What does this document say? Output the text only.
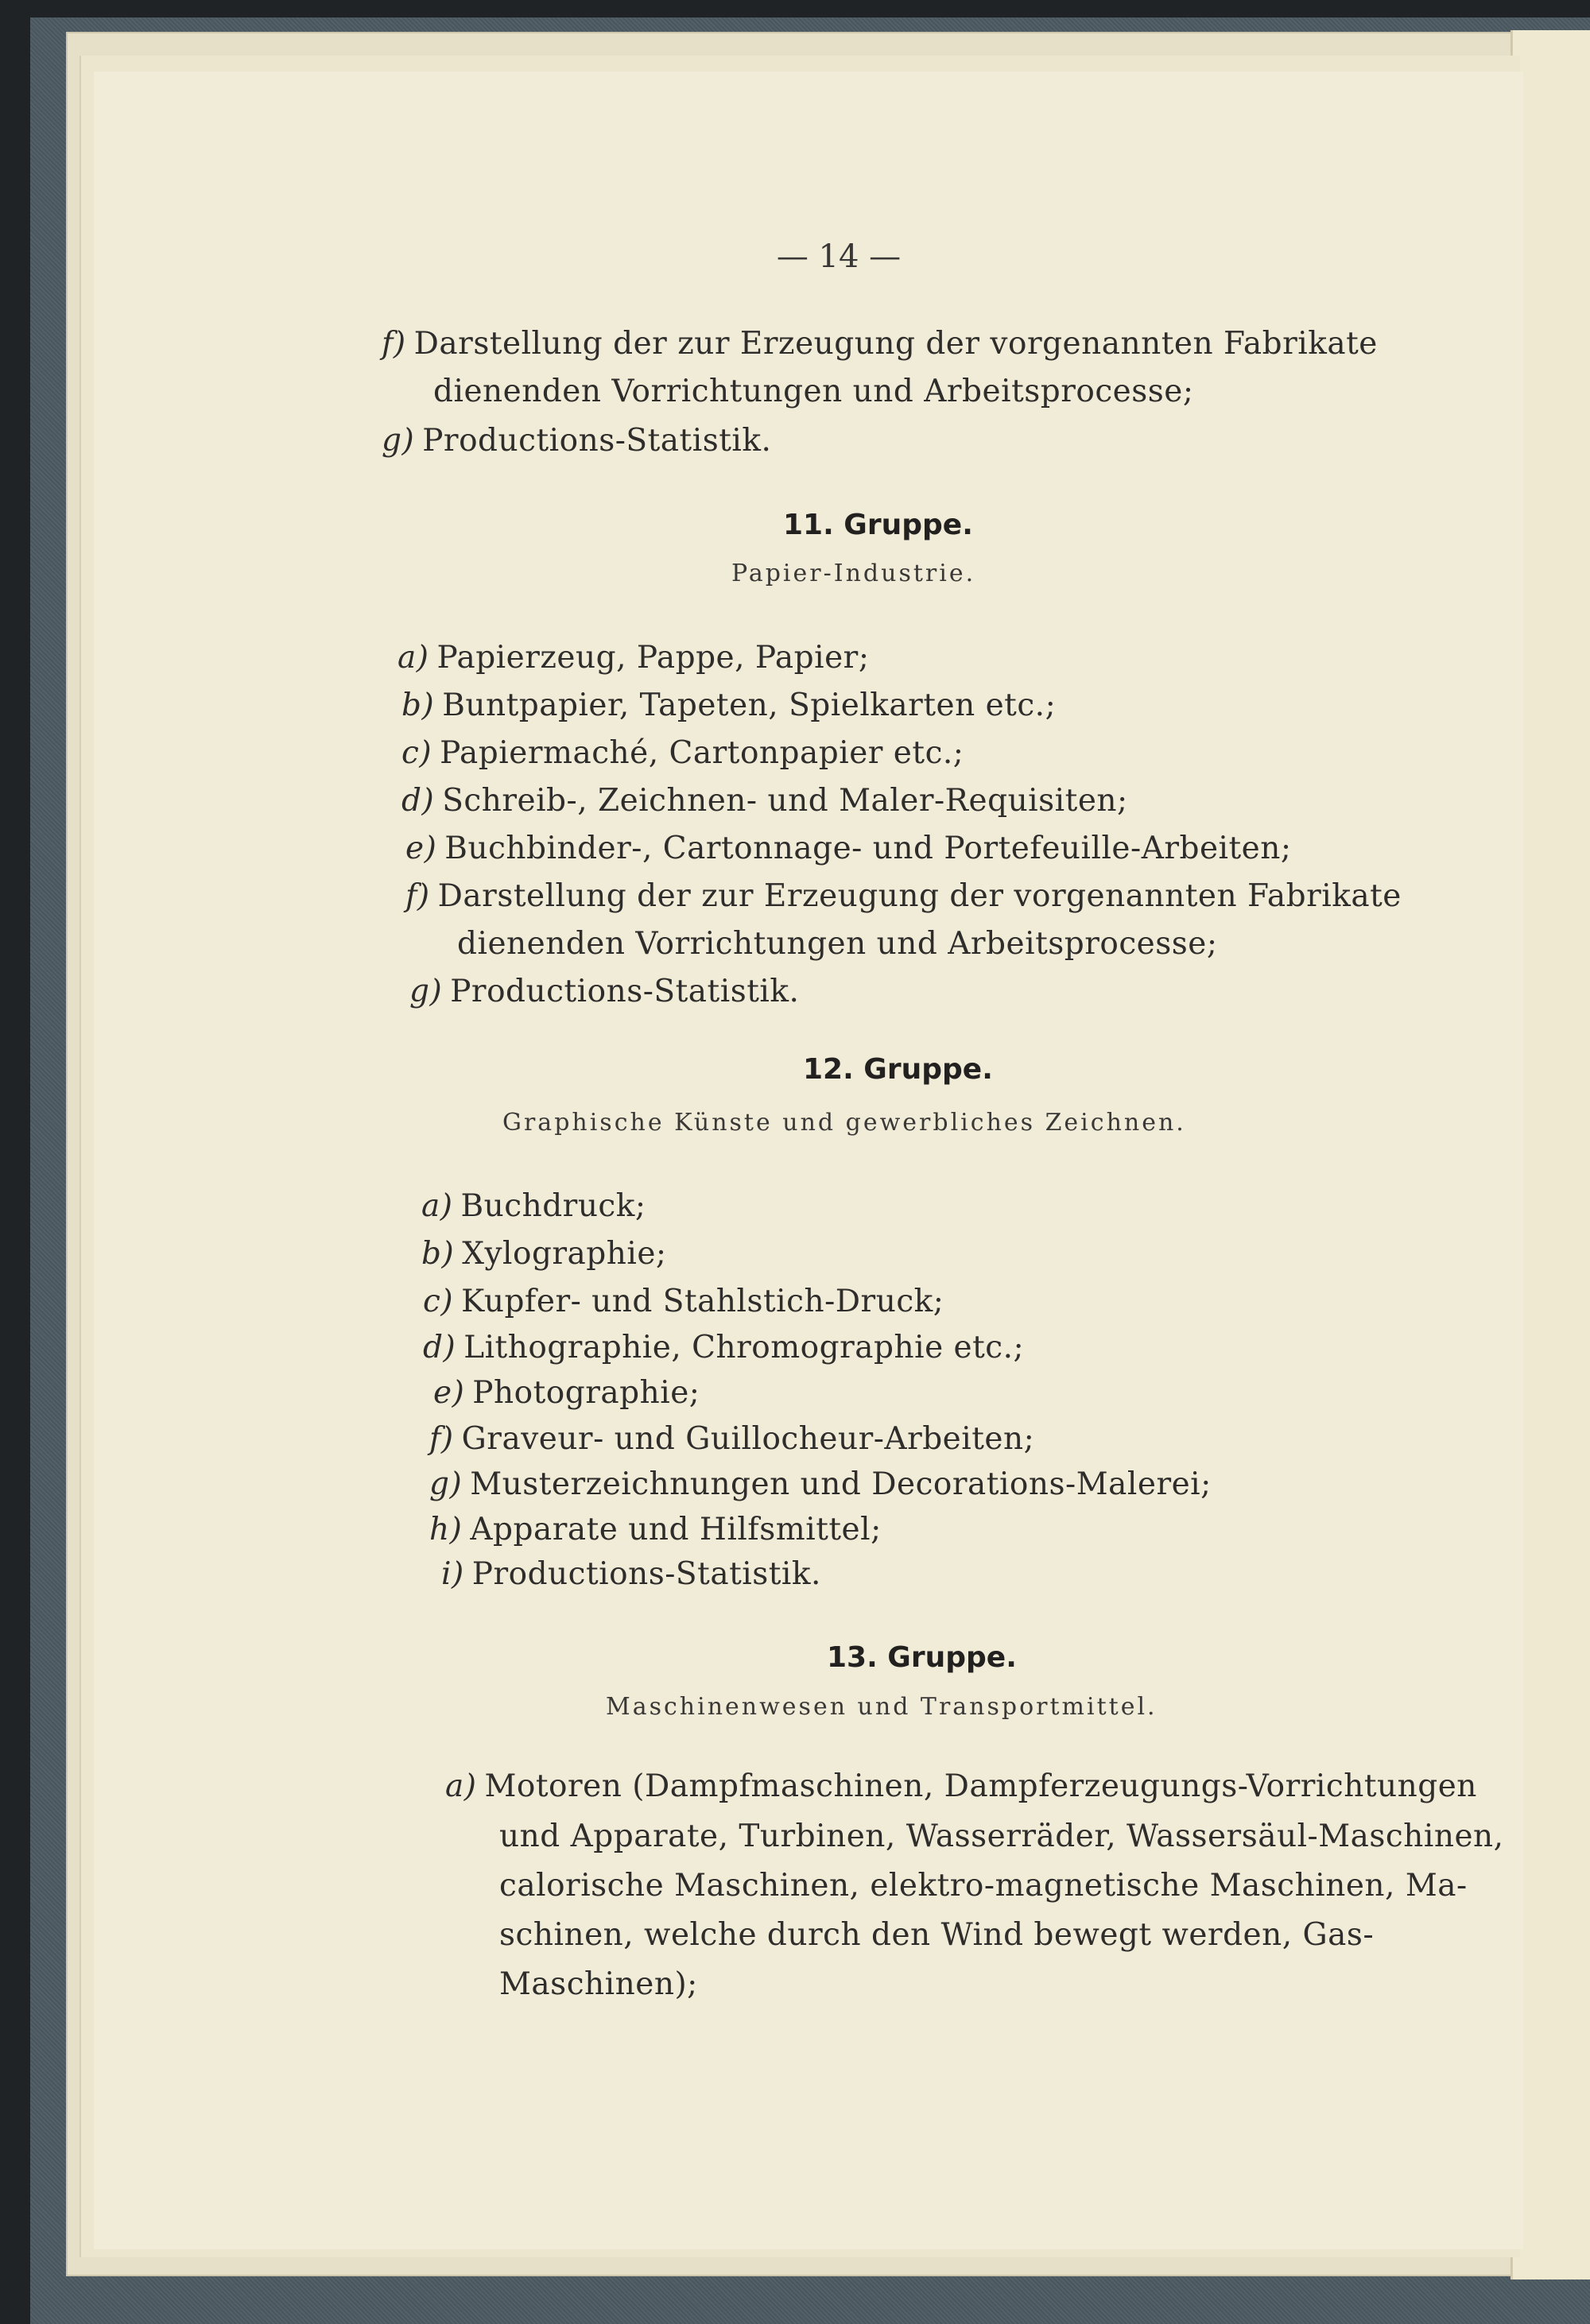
— 14 —
f) Darstellung der zur Erzeugung der vorgenannten Fabrikate
dienenden Vorrichtungen und Arbeitsprocesse;
g) Productions-Statistik.
11. Gruppe.
Papier-Industrie.
a) Papierzeug, Pappe, Papier;
b) Buntpapier, Tapeten, Spielkarten etc.;
c) Papiermaché, Cartonpapier etc.;
d) Schreib-, Zeichnen- und Maler-Requisiten;
e) Buchbinder-, Cartonnage- und Portefeuille-Arbeiten;
f) Darstellung der zur Erzeugung der vorgenannten Fabrikate
dienenden Vorrichtungen und Arbeitsprocesse;
g) Productions-Statistik.
12. Gruppe.
Graphische Künste und gewerbliches Zeichnen.
a) Buchdruck;
b) Xylographie;
c) Kupfer- und Stahlstich-Druck;
d) Lithographie, Chromographie etc.;
e) Photographie;
f) Graveur- und Guillocheur-Arbeiten;
g) Musterzeichnungen und Decorations-Malerei;
h) Apparate und Hilfsmittel;
i) Productions-Statistik.
13. Gruppe.
Maschinenwesen und Transportmittel.
a) Motoren (Dampfmaschinen, Dampferzeugungs-Vorrichtungen
und Apparate, Turbinen, Wasserräder, Wassersäul-Maschinen,
calorische Maschinen, elektro-magnetische Maschinen, Ma-
schinen, welche durch den Wind bewegt werden, Gas-
Maschinen);
